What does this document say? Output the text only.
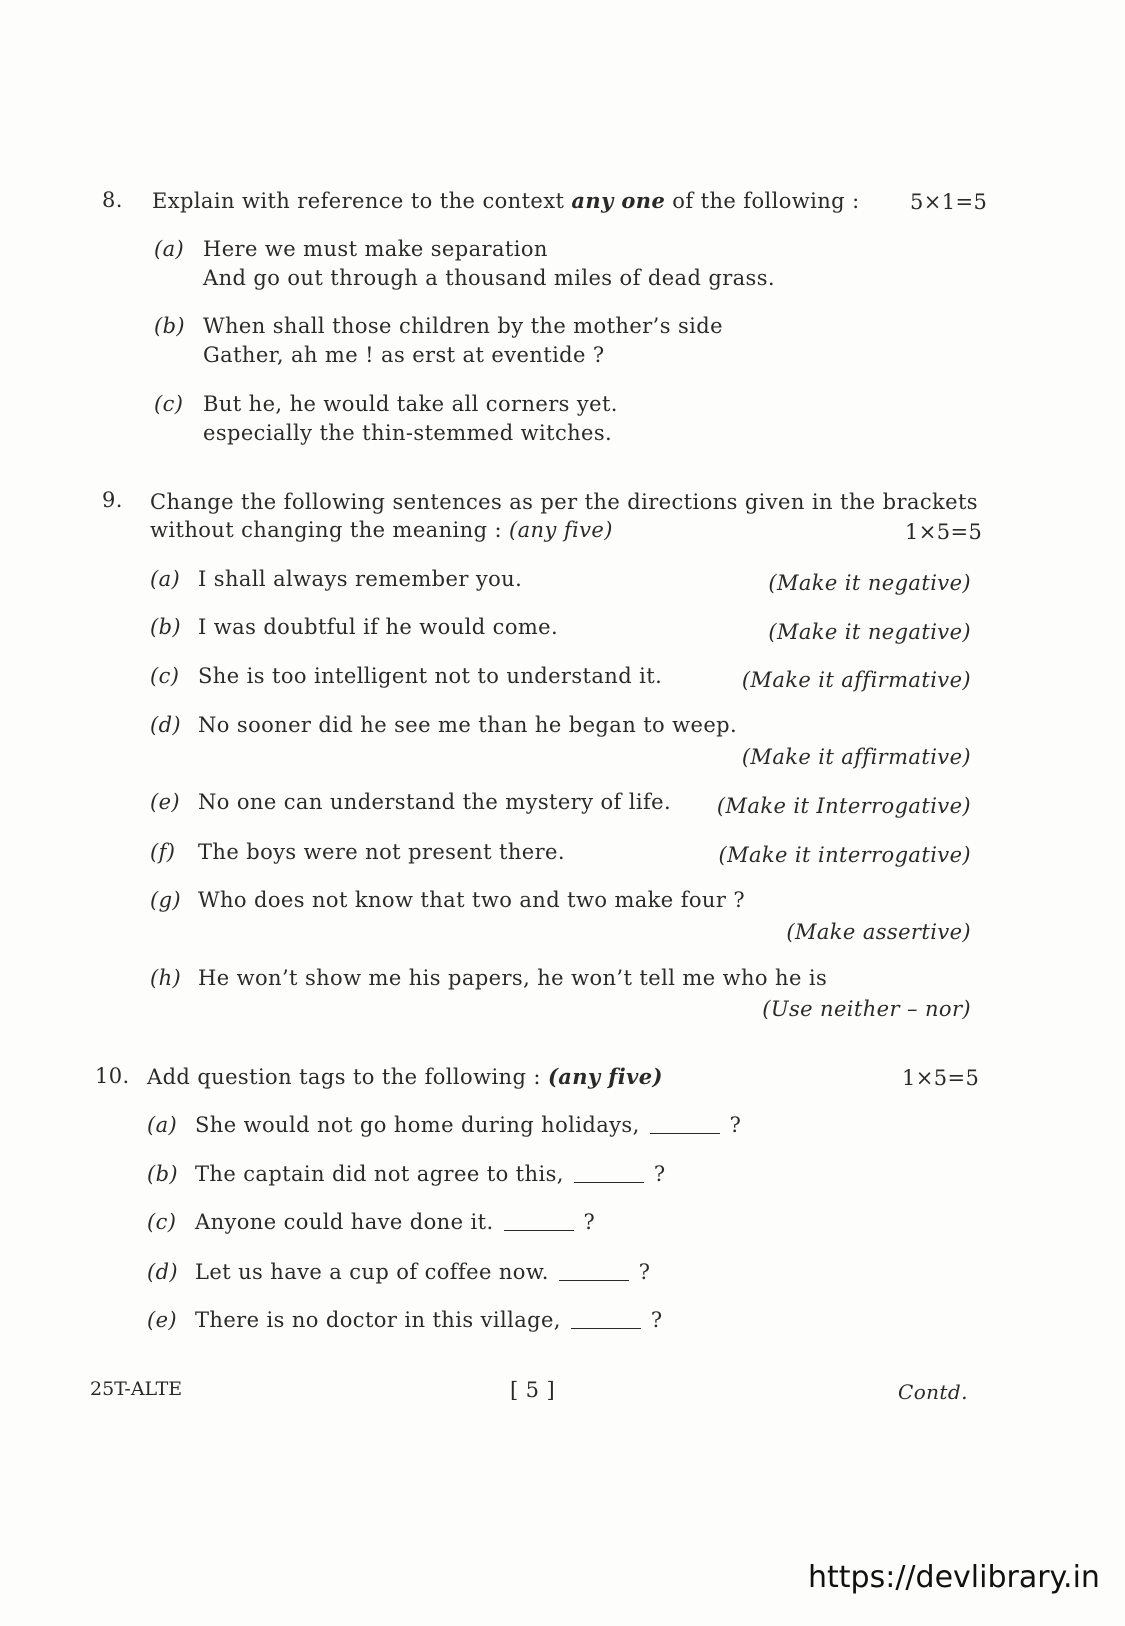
8. Explain with reference to the context any one of the following : 5×1=5
(a) Here we must make separation
And go out through a thousand miles of dead grass.
(b) When shall those children by the mother’s side
Gather, ah me ! as erst at eventide ?
(c) But he, he would take all corners yet.
especially the thin-stemmed witches.
9. Change the following sentences as per the directions given in the brackets
without changing the meaning : (any five)	1×5=5
(a) I shall always remember you.	(Make it negative)
(b) I was doubtful if he would come.	(Make it negative)
(c) She is too intelligent not to understand it.	(Make it affirmative)
(d) No sooner did he see me than he began to weep.
(Make it affirmative)
(e) No one can understand the mystery of life. (Make it Interrogative)
(f) The boys were not present there.	(Make it interrogative)
(g) Who does not know that two and two make four ?
(Make assertive)
(h) He won’t show me his papers, he won’t tell me who he is
(Use neither – nor)
10. Add question tags to the following : (any five)	1×5=5
(a) She would not go home during holidays,	?
(b) The captain did not agree to this,	?
(c) Anyone could have done it.	?
(d) Let us have a cup of coffee now.	?
(e) There is no doctor in this village,	?
25T-ALTE	[ 5 ]	Contd.
https://devlibrary.in
